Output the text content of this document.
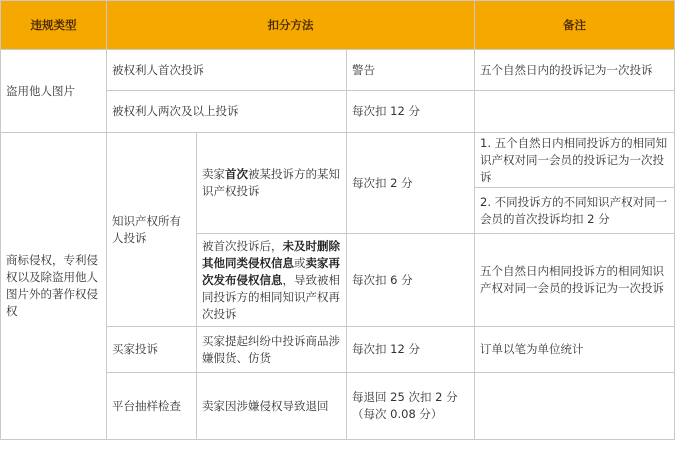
违规类型	扣分方法			备注
盗用他人图片	被权利人首次投诉		警告	五个自然日内的投诉记为一次投诉
	被权利人两次及以上投诉		每次扣 12 分	
商标侵权，专利侵权以及除盗用他人图片外的著作权侵权	知识产权所有人投诉	卖家首次被某投诉方的某知识产权投诉	每次扣 2 分	1. 五个自然日内相同投诉方的相同知识产权对同一会员的投诉记为一次投诉
				2. 不同投诉方的不同知识产权对同一会员的首次投诉均扣 2 分
		被首次投诉后，未及时删除其他同类侵权信息或卖家再次发布侵权信息，导致被相同投诉方的相同知识产权再次投诉	每次扣 6 分	五个自然日内相同投诉方的相同知识产权对同一会员的投诉记为一次投诉
	买家投诉	买家提起纠纷中投诉商品涉嫌假货、仿货	每次扣 12 分	订单以笔为单位统计
	平台抽样检查	卖家因涉嫌侵权导致退回	每退回 25 次扣 2 分（每次 0.08 分）	
